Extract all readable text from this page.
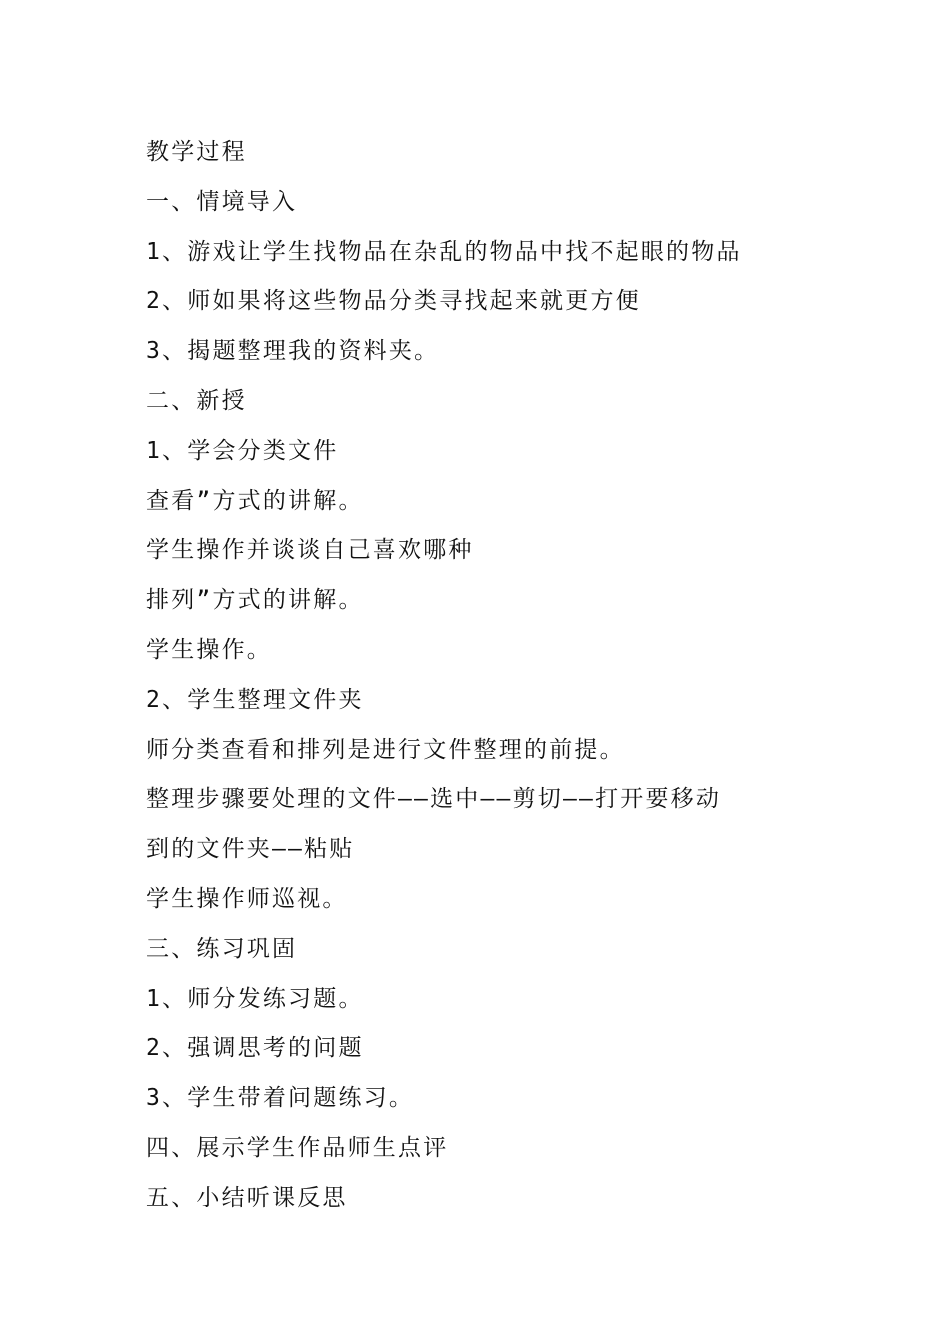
教学过程
一、情境导入
1、游戏让学生找物品在杂乱的物品中找不起眼的物品
2、师如果将这些物品分类寻找起来就更方便
3、揭题整理我的资料夹。
二、新授
1、学会分类文件
查看”方式的讲解。
学生操作并谈谈自己喜欢哪种
排列”方式的讲解。
学生操作。
2、学生整理文件夹
师分类查看和排列是进行文件整理的前提。
整理步骤要处理的文件——选中——剪切——打开要移动
到的文件夹——粘贴
学生操作师巡视。
三、练习巩固
1、师分发练习题。
2、强调思考的问题
3、学生带着问题练习。
四、展示学生作品师生点评
五、小结听课反思
